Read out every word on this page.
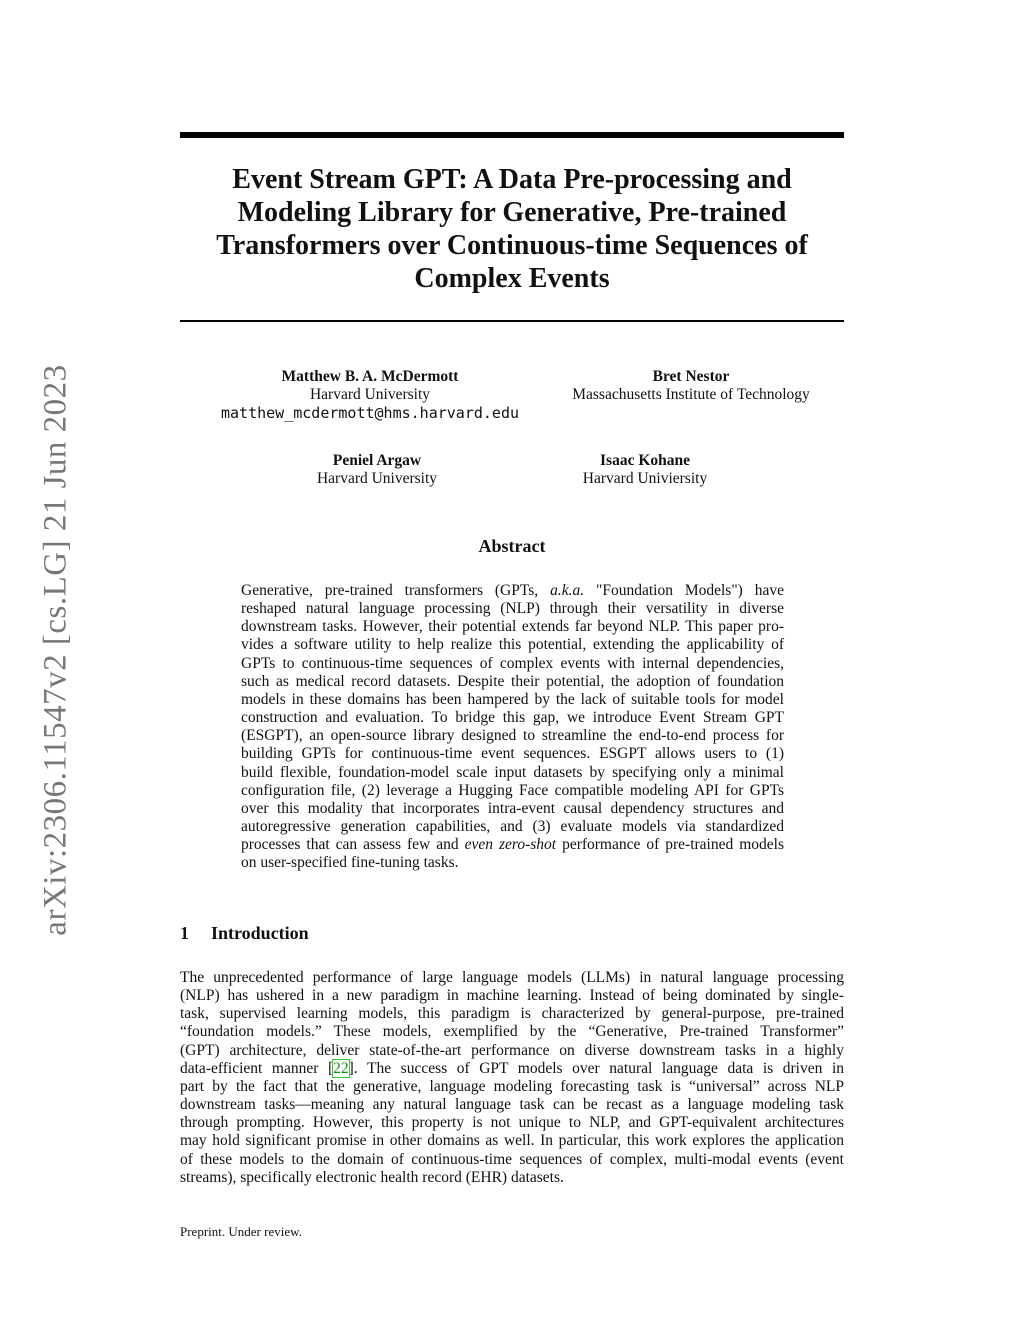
arXiv:2306.11547v2 [cs.LG] 21 Jun 2023
Event Stream GPT: A Data Pre-processing and
Modeling Library for Generative, Pre-trained
Transformers over Continuous-time Sequences of
Complex Events
Matthew B. A. McDermott
Harvard University
matthew_mcdermott@hms.harvard.edu
Bret Nestor
Massachusetts Institute of Technology
Peniel Argaw
Harvard University
Isaac Kohane
Harvard Univiersity
Abstract
Generative, pre-trained transformers (GPTs, a.k.a. "Foundation Models") have
reshaped natural language processing (NLP) through their versatility in diverse
downstream tasks. However, their potential extends far beyond NLP. This paper pro-
vides a software utility to help realize this potential, extending the applicability of
GPTs to continuous-time sequences of complex events with internal dependencies,
such as medical record datasets. Despite their potential, the adoption of foundation
models in these domains has been hampered by the lack of suitable tools for model
construction and evaluation. To bridge this gap, we introduce Event Stream GPT
(ESGPT), an open-source library designed to streamline the end-to-end process for
building GPTs for continuous-time event sequences. ESGPT allows users to (1)
build flexible, foundation-model scale input datasets by specifying only a minimal
configuration file, (2) leverage a Hugging Face compatible modeling API for GPTs
over this modality that incorporates intra-event causal dependency structures and
autoregressive generation capabilities, and (3) evaluate models via standardized
processes that can assess few and even zero-shot performance of pre-trained models
on user-specified fine-tuning tasks.
1 Introduction
The unprecedented performance of large language models (LLMs) in natural language processing
(NLP) has ushered in a new paradigm in machine learning. Instead of being dominated by single-
task, supervised learning models, this paradigm is characterized by general-purpose, pre-trained
“foundation models.” These models, exemplified by the “Generative, Pre-trained Transformer”
(GPT) architecture, deliver state-of-the-art performance on diverse downstream tasks in a highly
data-efficient manner [22]. The success of GPT models over natural language data is driven in
part by the fact that the generative, language modeling forecasting task is “universal” across NLP
downstream tasks—meaning any natural language task can be recast as a language modeling task
through prompting. However, this property is not unique to NLP, and GPT-equivalent architectures
may hold significant promise in other domains as well. In particular, this work explores the application
of these models to the domain of continuous-time sequences of complex, multi-modal events (event
streams), specifically electronic health record (EHR) datasets.
Preprint. Under review.
